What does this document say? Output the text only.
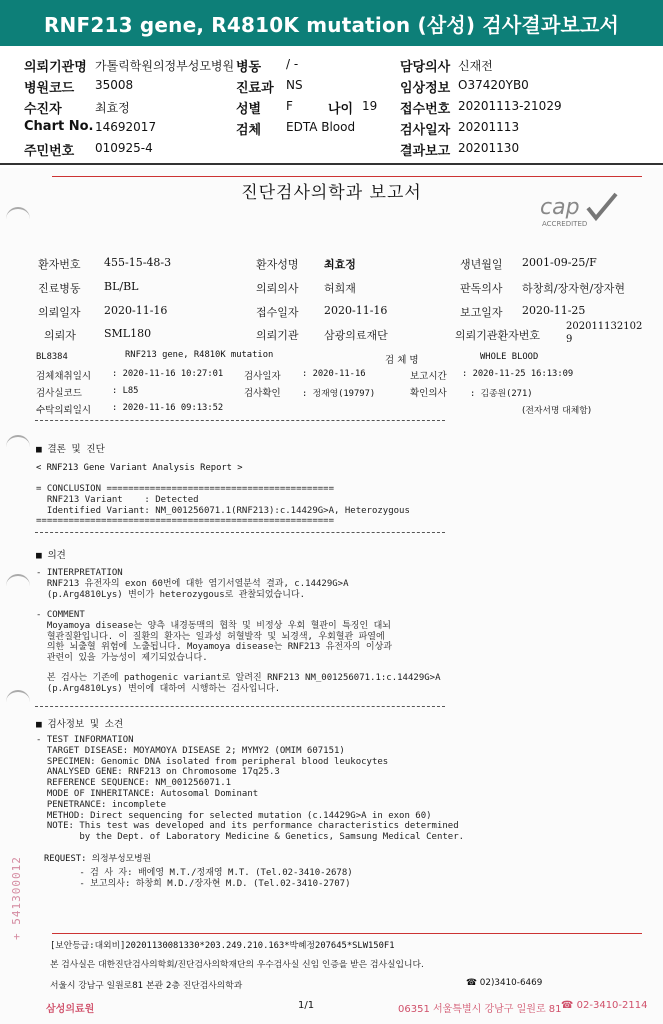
RNF213 gene, R4810K mutation (삼성) 검사결과보고서
의뢰기관명 가톨릭학원의정부성모병원 병동 / -	담당의사 신재전
병원코드 35008	진료과 NS	임상정보 O37420YB0
수진자	최효정	성별 F	나이 19 접수번호 20201113-21029
Chart No. 14692017	검체 EDTA Blood	검사일자 20201113
주민번호 010925-4	결과보고 20201130
진단검사의학과 보고서
cap
ACCREDITED
환자번호 455-15-48-3	환자성명 최효정	생년월일 2001-09-25/F
진료병동 BL/BL	의뢰의사 허희재	판독의사 하창희/장자현/장자현
의뢰일자 2020-11-16	접수일자 2020-11-16	보고일자 2020-11-25
의뢰자	SML180	의뢰기관 삼광의료재단	의뢰기관환자번호
202011132102
9
BL8384	RNF213 gene, R4810K mutation	검 체 명	WHOLE BLOOD
검체채취일시 : 2020-11-16 10:27:01 검사일자 : 2020-11-16	보고시간 : 2020-11-25 16:13:09
검사실코드	: L85	검사확인 : 정재영(19797)	확인의사	: 김종원(271)
수탁의뢰일시 : 2020-11-16 09:13:52	(전자서명 대체함)
■ 결론 및 진단
< RNF213 Gene Variant Analysis Report >
= CONCLUSION ==========================================
RNF213 Variant    : Detected
Identified Variant: NM_001256071.1(RNF213):c.14429G>A, Heterozygous
=======================================================
■ 의견
- INTERPRETATION
RNF213 유전자의 exon 60번에 대한 염기서열분석 결과, c.14429G>A
(p.Arg4810Lys) 변이가 heterozygous로 관찰되었습니다.
- COMMENT
Moyamoya disease는 양측 내경동맥의 협착 및 비정상 우회 혈관이 특징인 대뇌
혈관질환입니다. 이 질환의 환자는 일과성 허혈발작 및 뇌경색, 우회혈관 파열에
의한 뇌출혈 위험에 노출됩니다. Moyamoya disease는 RNF213 유전자의 이상과
관련이 있을 가능성이 제기되었습니다.
본 검사는 기존에 pathogenic variant로 알려진 RNF213 NM_001256071.1:c.14429G>A
(p.Arg4810Lys) 변이에 대하여 시행하는 검사입니다.
■ 검사정보 및 소견
- TEST INFORMATION
TARGET DISEASE: MOYAMOYA DISEASE 2; MYMY2 (OMIM 607151)
SPECIMEN: Genomic DNA isolated from peripheral blood leukocytes
ANALYSED GENE: RNF213 on Chromosome 17q25.3
REFERENCE SEQUENCE: NM_001256071.1
MODE OF INHERITANCE: Autosomal Dominant
PENETRANCE: incomplete
METHOD: Direct sequencing for selected mutation (c.14429G>A in exon 60)
NOTE: This test was developed and its performance characteristics determined
by the Dept. of Laboratory Medicine & Genetics, Samsung Medical Center.
REQUEST: 의정부성모병원
- 검 사 자: 배에영 M.T./정재영 M.T. (Tel.02-3410-2678)
- 보고의사: 하창희 M.D./장자현 M.D. (Tel.02-3410-2707)
+ 541300012
[보안등급:대외비]20201130081330*203.249.210.163*박혜정207645*SLW150F1
본 검사실은 대한진단검사의학회/진단검사의학재단의 우수검사실 신임 인증을 받은 검사실입니다.
서울시 강남구 일원로81 본관 2층 진단검사의학과	☎ 02)3410-6469
삼성의료원	1/1	06351 서울특별시 강남구 일원로 81 ☎ 02-3410-2114
